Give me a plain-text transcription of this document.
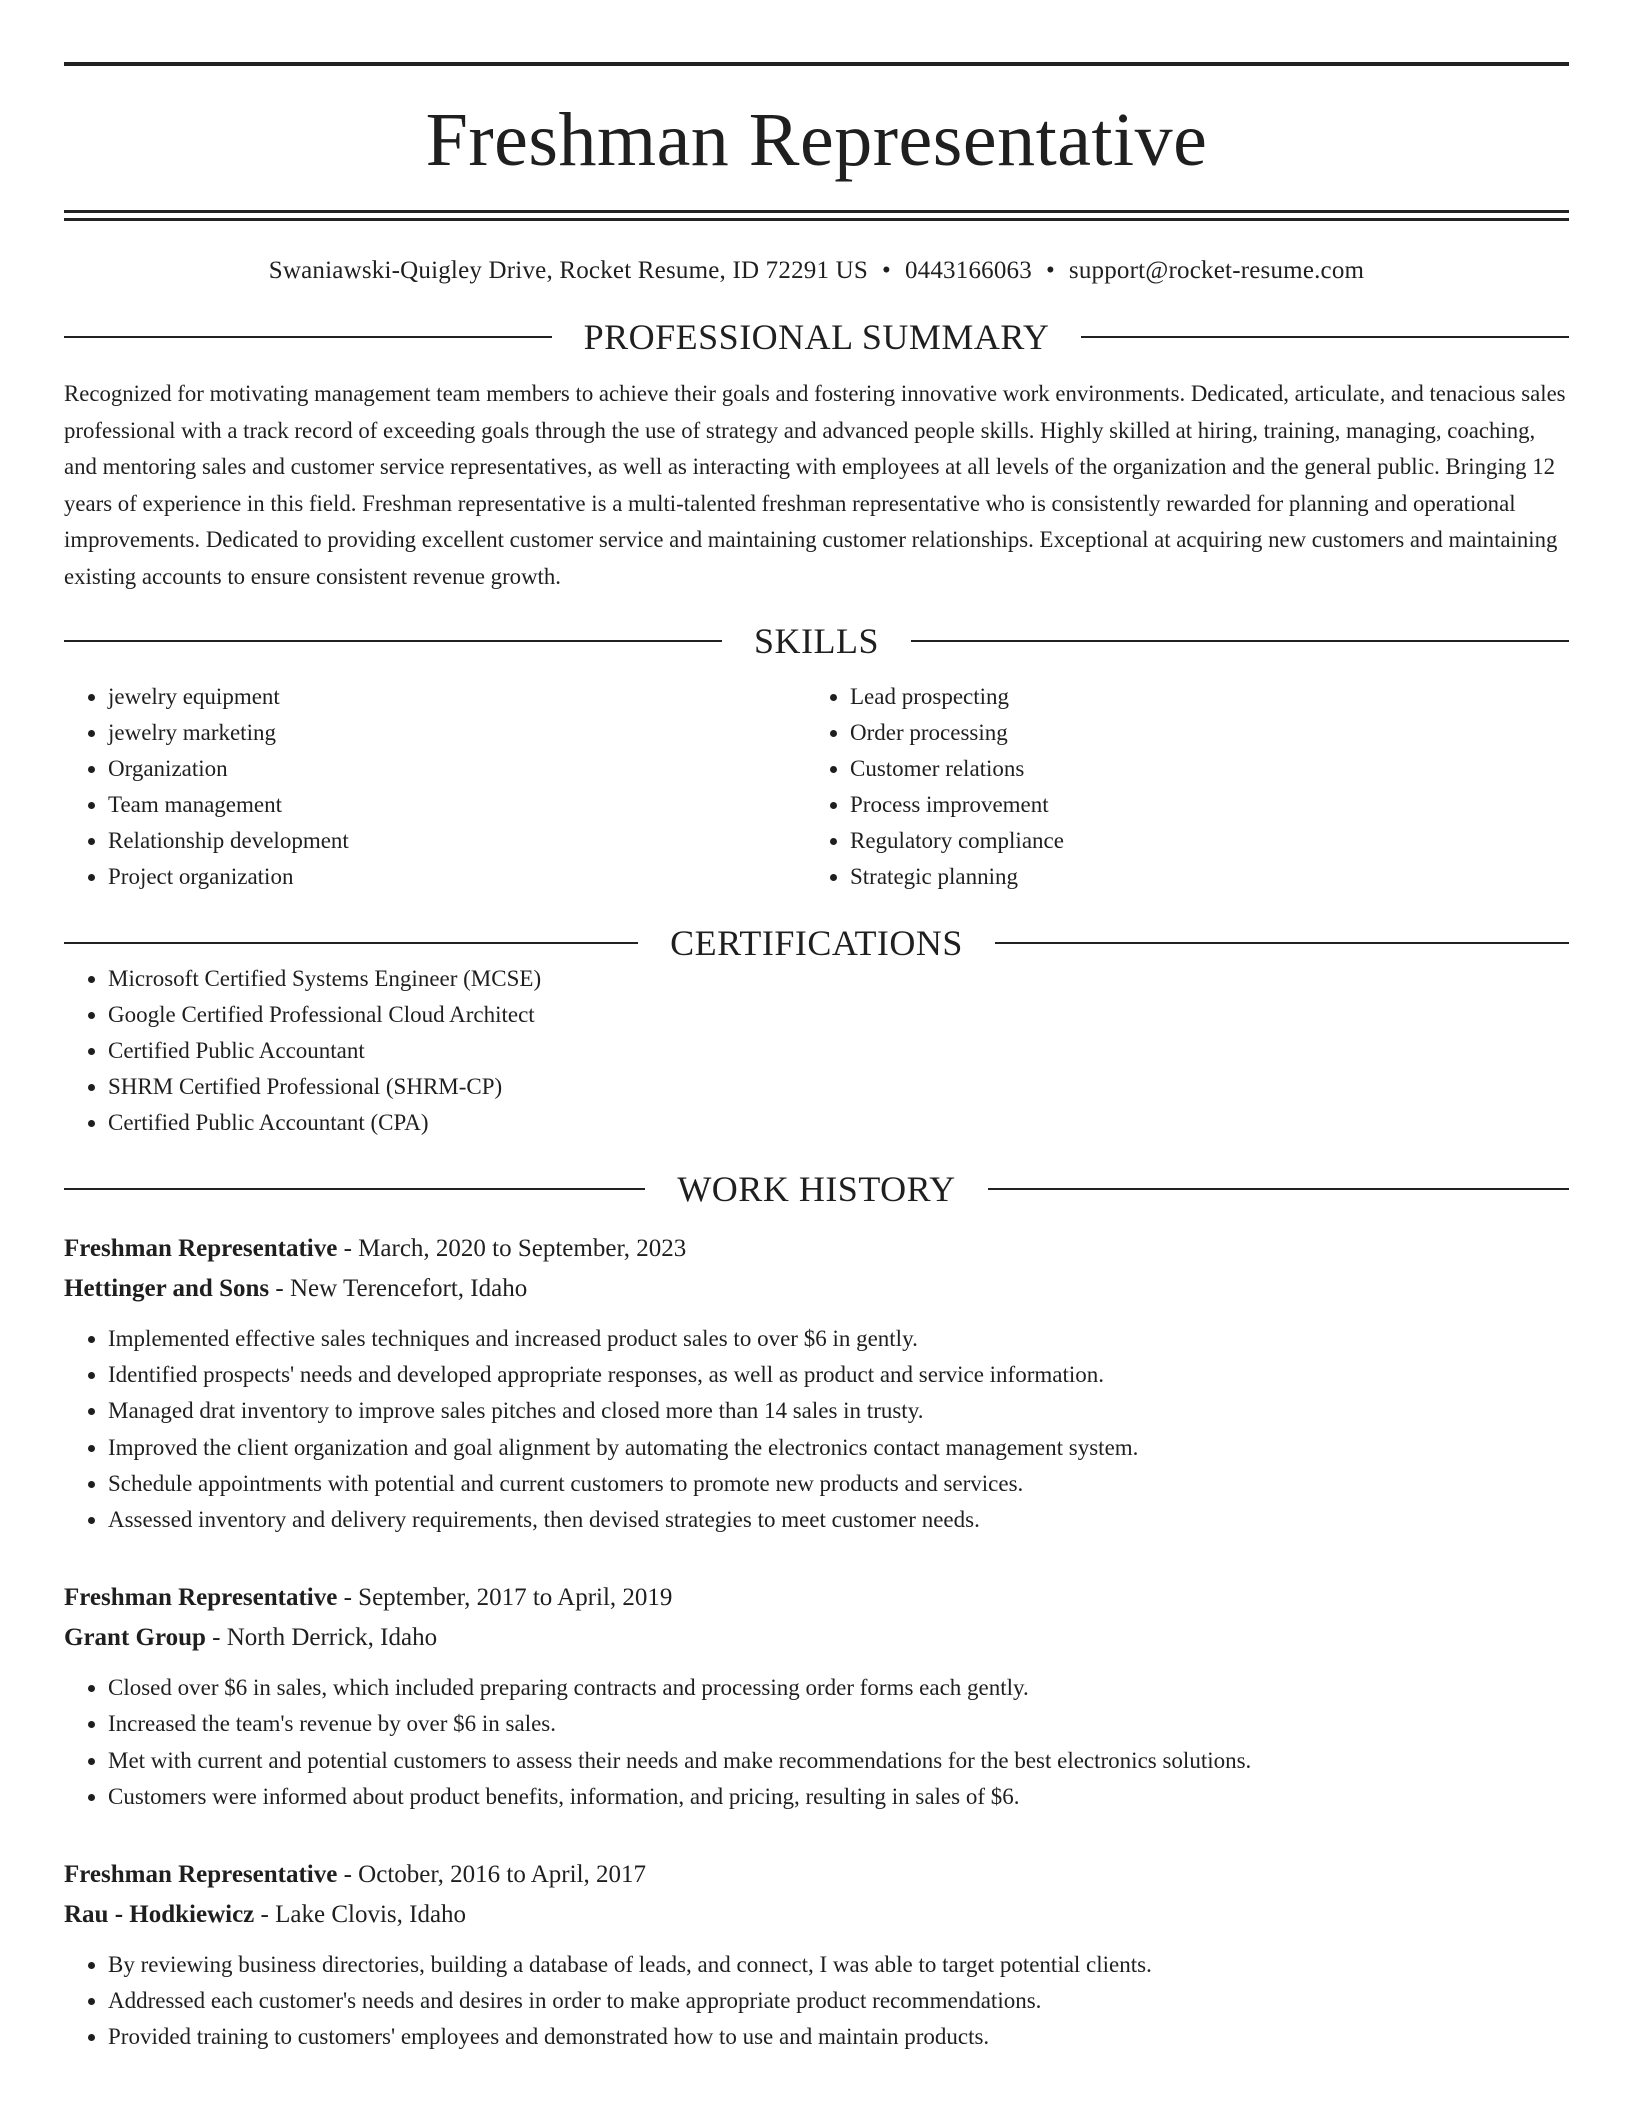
Freshman Representative
Swaniawski-Quigley Drive, Rocket Resume, ID 72291 US • 0443166063 • support@rocket-resume.com
PROFESSIONAL SUMMARY
Recognized for motivating management team members to achieve their goals and fostering innovative work environments. Dedicated, articulate, and tenacious sales professional with a track record of exceeding goals through the use of strategy and advanced people skills. Highly skilled at hiring, training, managing, coaching, and mentoring sales and customer service representatives, as well as interacting with employees at all levels of the organization and the general public. Bringing 12 years of experience in this field. Freshman representative is a multi-talented freshman representative who is consistently rewarded for planning and operational improvements. Dedicated to providing excellent customer service and maintaining customer relationships. Exceptional at acquiring new customers and maintaining existing accounts to ensure consistent revenue growth.
SKILLS
• jewelry equipment
• jewelry marketing
• Organization
• Team management
• Relationship development
• Project organization
• Lead prospecting
• Order processing
• Customer relations
• Process improvement
• Regulatory compliance
• Strategic planning
CERTIFICATIONS
• Microsoft Certified Systems Engineer (MCSE)
• Google Certified Professional Cloud Architect
• Certified Public Accountant
• SHRM Certified Professional (SHRM-CP)
• Certified Public Accountant (CPA)
WORK HISTORY
Freshman Representative - March, 2020 to September, 2023
Hettinger and Sons - New Terencefort, Idaho
• Implemented effective sales techniques and increased product sales to over $6 in gently.
• Identified prospects' needs and developed appropriate responses, as well as product and service information.
• Managed drat inventory to improve sales pitches and closed more than 14 sales in trusty.
• Improved the client organization and goal alignment by automating the electronics contact management system.
• Schedule appointments with potential and current customers to promote new products and services.
• Assessed inventory and delivery requirements, then devised strategies to meet customer needs.
Freshman Representative - September, 2017 to April, 2019
Grant Group - North Derrick, Idaho
• Closed over $6 in sales, which included preparing contracts and processing order forms each gently.
• Increased the team's revenue by over $6 in sales.
• Met with current and potential customers to assess their needs and make recommendations for the best electronics solutions.
• Customers were informed about product benefits, information, and pricing, resulting in sales of $6.
Freshman Representative - October, 2016 to April, 2017
Rau - Hodkiewicz - Lake Clovis, Idaho
• By reviewing business directories, building a database of leads, and connect, I was able to target potential clients.
• Addressed each customer's needs and desires in order to make appropriate product recommendations.
• Provided training to customers' employees and demonstrated how to use and maintain products.
